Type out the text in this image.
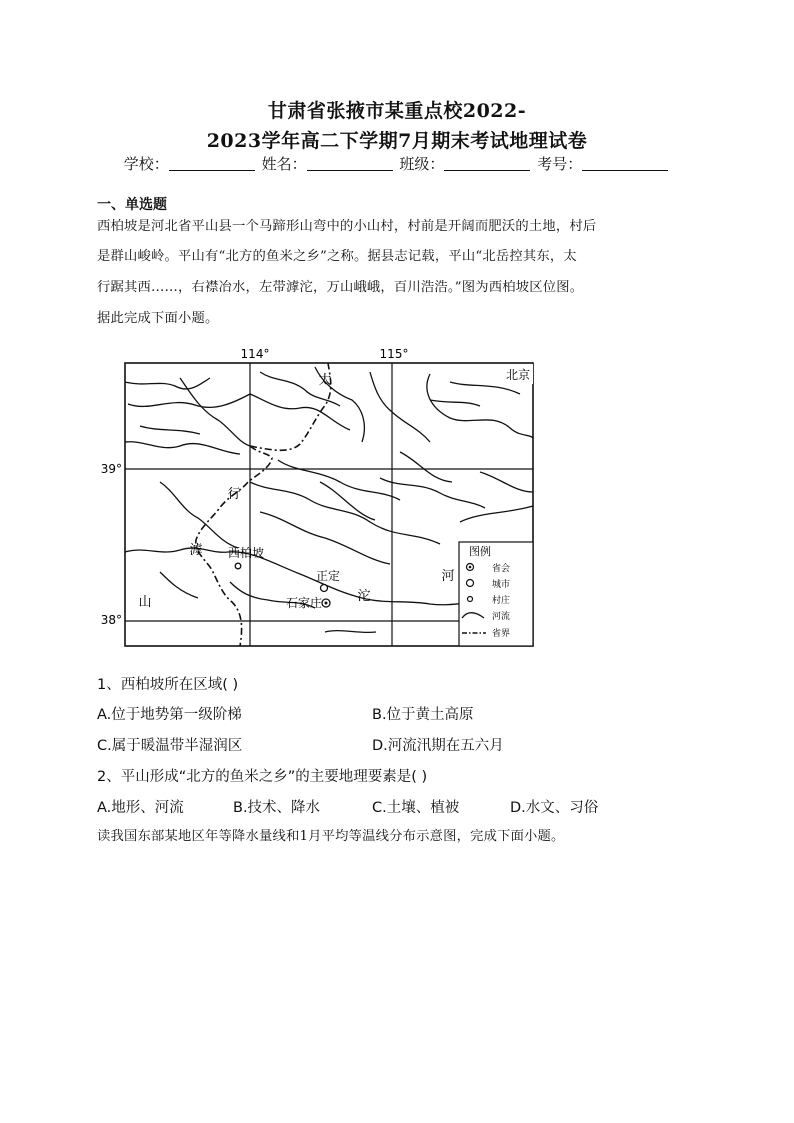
甘肃省张掖市某重点校2022-
2023学年高二下学期7月期末考试地理试卷
学校：	姓名：	班级：	考号：
一、单选题
西柏坡是河北省平山县一个马蹄形山弯中的小山村，村前是开阔而肥沃的土地，村后
是群山峻岭。平山有“北方的鱼米之乡”之称。据县志记载，平山“北岳控其东，太
行踞其西……，右襟冶水，左带滹沱，万山峨峨，百川浩浩。”图为西柏坡区位图。
据此完成下面小题。
114°	115°
39°
38°
北京
太
行
山
滹
沱
河
西柏坡
正定
石家庄
图例
省会
城市
村庄
河流
省界
1、西柏坡所在区域( )
A.位于地势第一级阶梯	B.位于黄土高原
C.属于暖温带半湿润区	D.河流汛期在五六月
2、平山形成“北方的鱼米之乡”的主要地理要素是( )
A.地形、河流	B.技术、降水	C.土壤、植被	D.水文、习俗
读我国东部某地区年等降水量线和1月平均等温线分布示意图，完成下面小题。
